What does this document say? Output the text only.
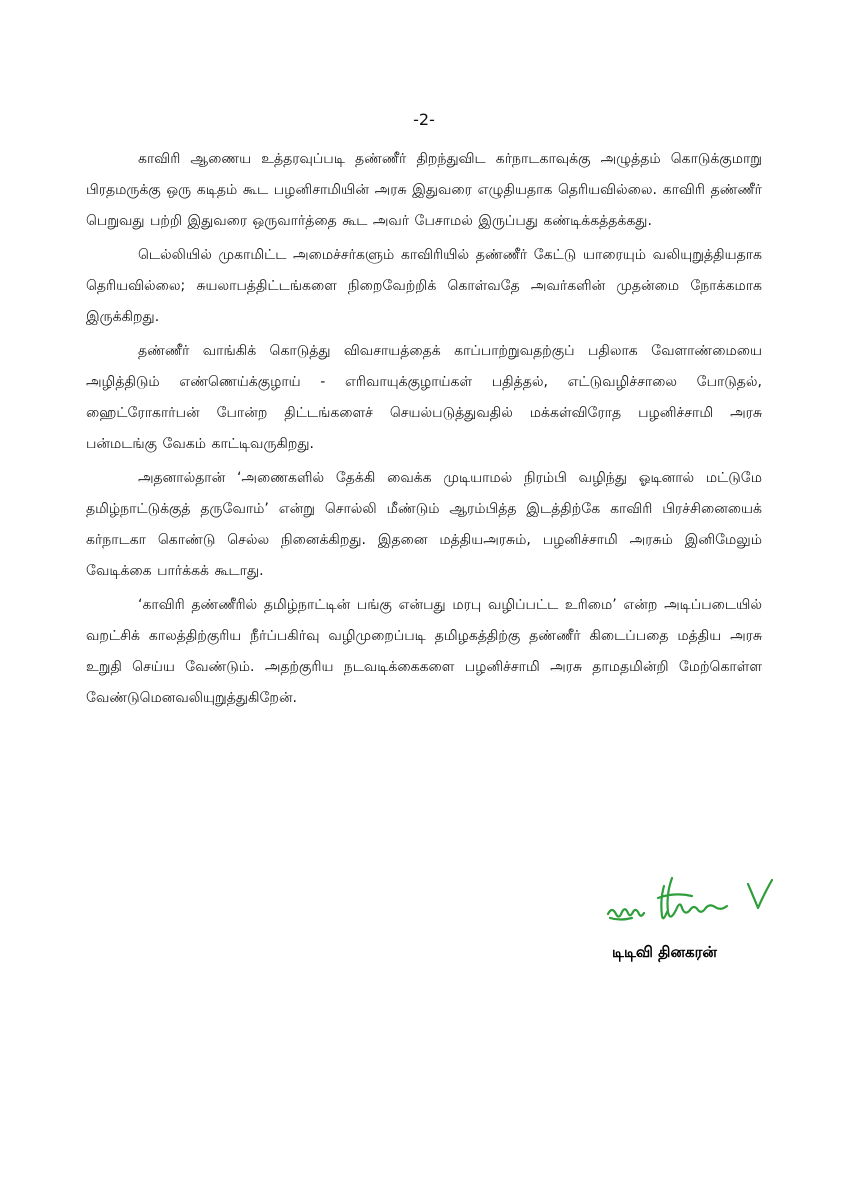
-2-

காவிரி ஆணைய உத்தரவுப்படி தண்ணீர் திறந்துவிட கர்நாடகாவுக்கு அழுத்தம் கொடுக்குமாறு பிரதமருக்கு ஒரு கடிதம் கூட பழனிசாமியின் அரசு இதுவரை எழுதியதாக தெரியவில்லை. காவிரி தண்ணீர் பெறுவது பற்றி இதுவரை ஒருவார்த்தை கூட அவர் பேசாமல் இருப்பது கண்டிக்கத்தக்கது.

டெல்லியில் முகாமிட்ட அமைச்சர்களும் காவிரியில் தண்ணீர் கேட்டு யாரையும் வலியுறுத்தியதாக தெரியவில்லை; சுயலாபத்திட்டங்களை நிறைவேற்றிக் கொள்வதே அவர்களின் முதன்மை நோக்கமாக இருக்கிறது.

தண்ணீர் வாங்கிக் கொடுத்து விவசாயத்தைக் காப்பாற்றுவதற்குப் பதிலாக வேளாண்மையை அழித்திடும் எண்ணெய்க்குழாய் - எரிவாயுக்குழாய்கள் பதித்தல், எட்டுவழிச்சாலை போடுதல், ஹைட்ரோகார்பன் போன்ற திட்டங்களைச் செயல்படுத்துவதில் மக்கள்விரோத பழனிச்சாமி அரசு பன்மடங்கு வேகம் காட்டிவருகிறது.

அதனால்தான் ‘அணைகளில் தேக்கி வைக்க முடியாமல் நிரம்பி வழிந்து ஓடினால் மட்டுமே தமிழ்நாட்டுக்குத் தருவோம்’ என்று சொல்லி மீண்டும் ஆரம்பித்த இடத்திற்கே காவிரி பிரச்சினையைக் கர்நாடகா கொண்டு செல்ல நினைக்கிறது. இதனை மத்தியஅரசும், பழனிச்சாமி அரசும் இனிமேலும் வேடிக்கை பார்க்கக் கூடாது.

‘காவிரி தண்ணீரில் தமிழ்நாட்டின் பங்கு என்பது மரபு வழிப்பட்ட உரிமை’ என்ற அடிப்படையில் வறட்சிக் காலத்திற்குரிய நீர்ப்பகிர்வு வழிமுறைப்படி தமிழகத்திற்கு தண்ணீர் கிடைப்பதை மத்திய அரசு உறுதி செய்ய வேண்டும். அதற்குரிய நடவடிக்கைகளை பழனிச்சாமி அரசு தாமதமின்றி மேற்கொள்ள வேண்டுமெனவலியுறுத்துகிறேன்.

டிடிவி தினகரன்
